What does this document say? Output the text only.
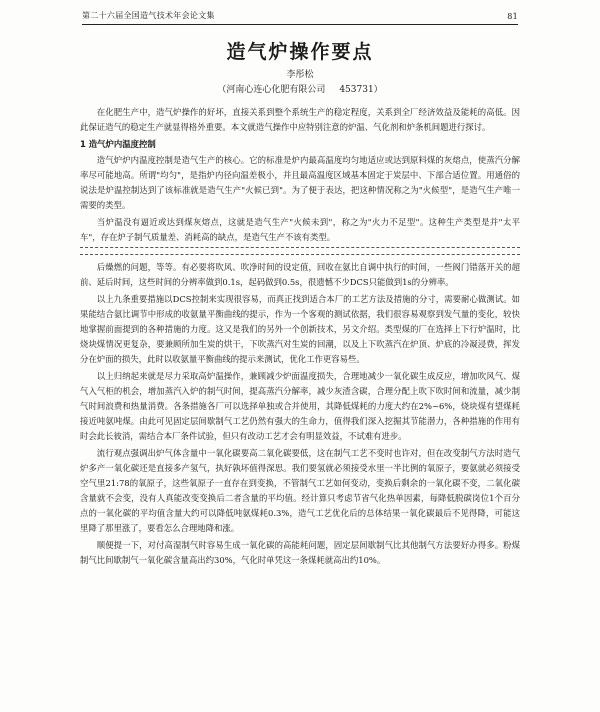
第二十六届全国造气技术年会论文集	81
造气炉操作要点
李彤松
（河南心连心化肥有限公司 453731）

在化肥生产中，造气炉操作的好坏，直接关系到整个系统生产的稳定程度，关系到全厂经济效益及能耗的高低。因此保证造气的稳定生产就显得格外重要。本文就造气操作中应特别注意的炉温、气化剂和炉条机间题进行探讨。

1 造气炉内温度控制

造气炉炉内温度控制是造气生产的核心。它的标准是炉内最高温度均匀地适应或达到原料煤的灰熔点，使蒸汽分解率尽可能地高。所谓"均匀"，是指炉内径向温差极小，并且最高温度区域基本固定于炭层中、下部合适位置。用通俗的说法是炉温控制达到了该标准就是造气生产"火候已到"。为了便于表达，把这种情况称之为"火候型"，是造气生产唯一需要的类型。

当炉温没有逼近或达到煤灰熔点，这就是造气生产"火候未到"，称之为"火力不足型"。这种生产类型是并"太平车"，存在炉子制气质量差、消耗高的缺点，是造气生产不该有类型。

后燥燃的问题，等等。有必要将吹风、吹净时间的设定值，回收在氨比自调中执行的时间，一些阀门错落开关的超前、延后时间，这些时间的分辨率做到0.1s，起码做到0.5s，很遗憾不少DCS只能做到1s的分辨率。

以上九条重要措施以DCS控制来实现很容易，而真正找到适合本厂的工艺方法及措施的分寸，需要耐心做测试。如果能结合氨比调节中形成的收氨量平衡曲线的提示，作为一个客观的测试依据，我们很容易观察到发气量的变化，较快地掌握前面提到的各种措施的力度。这又是我们的另外一个创新技术，另文介绍。类型煤的厂在选择上下行炉温时，比烧块煤情况更复杂，要兼顾所加生炭的烘干，下吹蒸汽对生炭的回潮，以及上下吹蒸汽在炉顶、炉底的冷凝浸费，挥发分在炉面的损失，此时以收氨量平衡曲线的提示来测试，优化工作更容易些。

以上归纳起来就是尽力采取高炉温操作，兼顾减少炉面温度损失，合理地减少一氧化碳生成反应，增加吹风气、煤气入气柜的机会，增加蒸汽入炉的制气时间，提高蒸汽分解率，减少灰渣含碳，合理分配上吹下吹时间和流量，减少制气时间浪费和热量消费。各条措施各厂可以选择单独或合并使用，其降低煤耗的力度大约在2%~6%，烧块煤有望煤耗接近吨氨吨煤。由此可见固定层间歇制气工艺仍然有强大的生命力，值得我们深入挖掘其节能潜力，各种措施的作用有时会此长彼消，需结合本厂条件试验，但只有改动工艺才会有明显效益，不试难有进步。

流行观点强调出炉气体含量中一氧化碳要高二氧化碳要低，这在制气工艺不变时也许对，但在改变制气方法时造气炉多产一氧化碳还是直接多产氢气，执好孰坏值得深思。我们要氢就必须接受水里一半比例的氧原子，要氨就必须接受空气里21:78的氧原子，这些氧原子一直存在到变换，不管制气工艺如何变动，变换后剩余的一氧化碳不变，二氧化碳含量就不会变，没有人真能改变变换后二者含量的平均值。经计算只考虑节省气化热单因素，每降低脱碳岗位1个百分点的一氧化碳的平均值含量大约可以降低吨氨煤耗0.3%，造气工艺优化后的总体结果一氧化碳最后不见得降，可能这里降了那里涨了，要看怎么合理地降和涨。

顺便提一下，对付高湿制气时容易生成一氧化碳的高能耗问题，固定层间歇制气比其他制气方法要好办得多。粉煤制气比间歇制气一氧化碳含量高出约30%，气化时单凭这一条煤耗就高出约10%。
